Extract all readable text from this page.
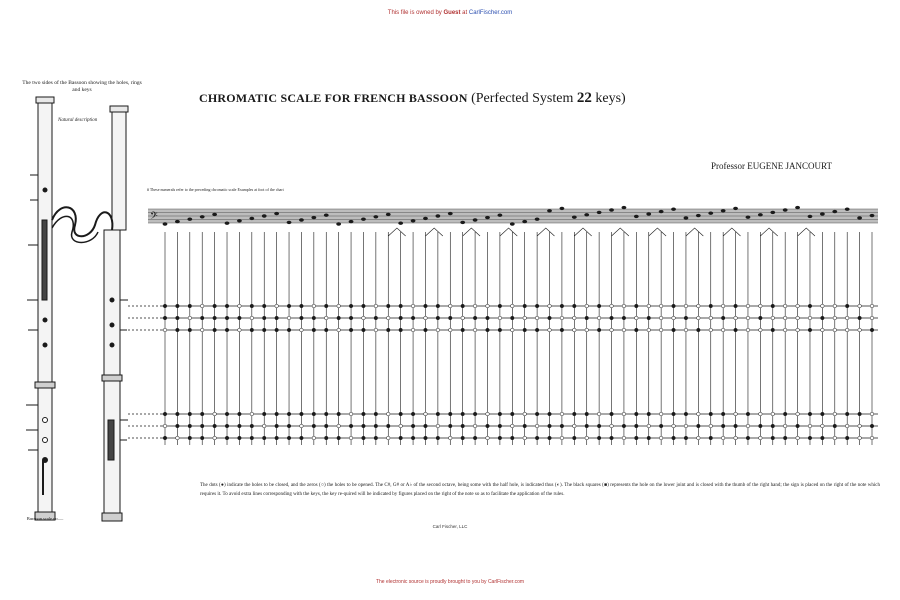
This file is owned by Guest at CarlFischer.com
CHROMATIC SCALE FOR FRENCH BASSOON (Perfected System 22 keys)
Professor EUGENE JANCOURT
The two sides of the Bassoon showing the holes, rings and keys
Natural description
# These numerals refer to the preceding chromatic scale Examples at foot of the chart
𝄢
The dots (●) indicate the holes to be closed, and the zeros (○) the holes to be opened. The C#, G# or A♭ of the second octave, being some with the half hole, is indicated thus (◐). The black squares (■) represents the hole on the lower joint and is closed with the thumb of the right hand; the sign is placed on the right of the note which requires it. To avoid extra lines corresponding with the keys, the key re-quired will be indicated by figures placed on the right of the note so as to facilitate the application of the rules.
Bassoon scale no.—
Carl Fischer, LLC
The electronic source is proudly brought to you by CarlFischer.com
